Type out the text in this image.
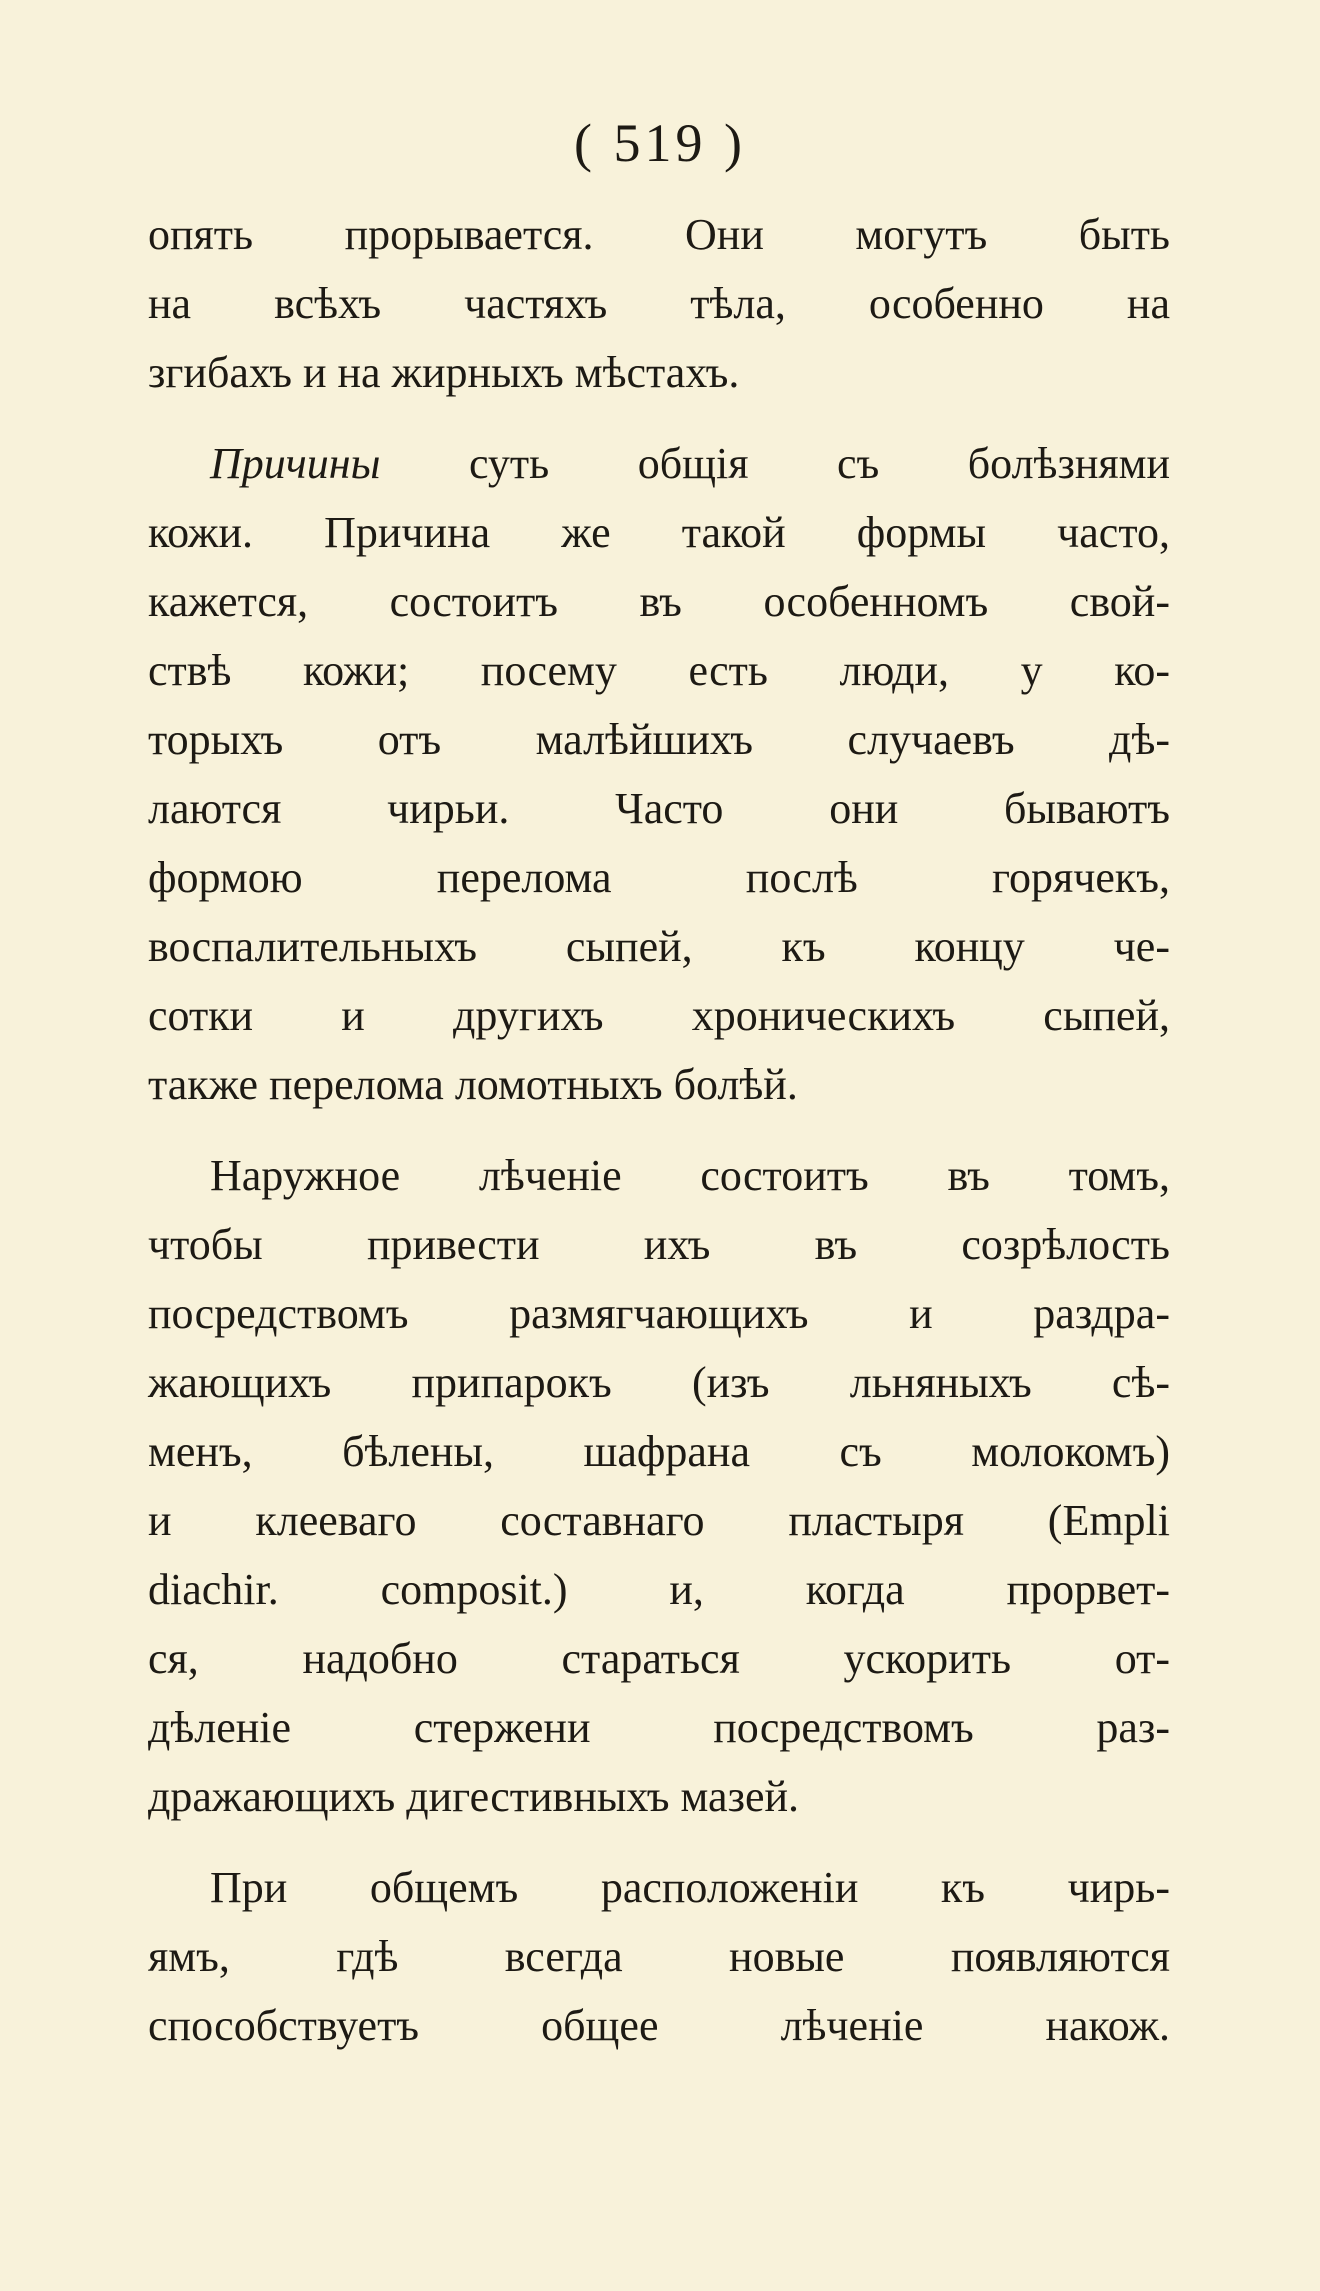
( 519 )
опять прорывается. Они могутъ быть
на всѣхъ частяхъ тѣла, особенно на
згибахъ и на жирныхъ мѣстахъ.
Причины суть общія съ болѣзнями
кожи. Причина же такой формы часто,
кажется, состоитъ въ особенномъ свой-
ствѣ кожи; посему есть люди, у ко-
торыхъ отъ малѣйшихъ случаевъ дѣ-
лаются чирьи. Часто они бываютъ
формою перелома послѣ горячекъ,
воспалительныхъ сыпей, къ концу че-
сотки и другихъ хроническихъ сыпей,
также перелома ломотныхъ болѣй.
Наружное лѣченіе состоитъ въ томъ,
чтобы привести ихъ въ созрѣлость
посредствомъ размягчающихъ и раздра-
жающихъ припарокъ (изъ льняныхъ сѣ-
менъ, бѣлены, шафрана съ молокомъ)
и клееваго составнаго пластыря (Empli
diachir. composit.) и, когда прорвет-
ся, надобно стараться ускорить от-
дѣленіе стержени посредствомъ раз-
дражающихъ дигестивныхъ мазей.
При общемъ расположеніи къ чирь-
ямъ, гдѣ всегда новые появляются
способствуетъ общее лѣченіе накож.
